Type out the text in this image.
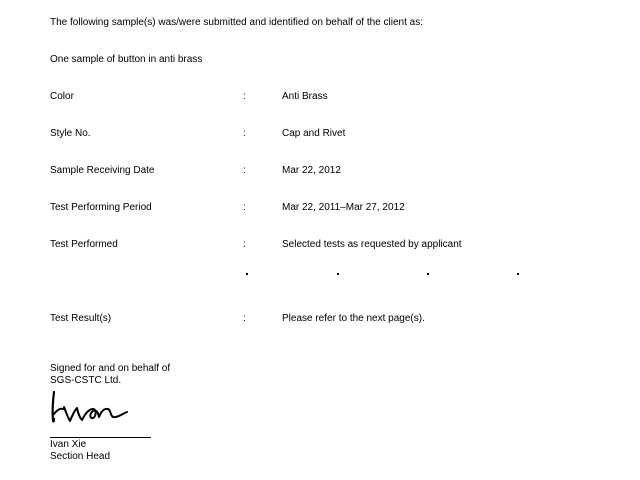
The following sample(s) was/were submitted and identified on behalf of the client as:
One sample of button in anti brass
Color	:	Anti Brass
Style No.	:	Cap and Rivet
Sample Receiving Date	:	Mar 22, 2012
Test Performing Period	:	Mar 22, 2011–Mar 27, 2012
Test Performed	:	Selected tests as requested by applicant
Test Result(s)	:	Please refer to the next page(s).
Signed for and on behalf of
SGS-CSTC Ltd.
Ivan Xie
Section Head
